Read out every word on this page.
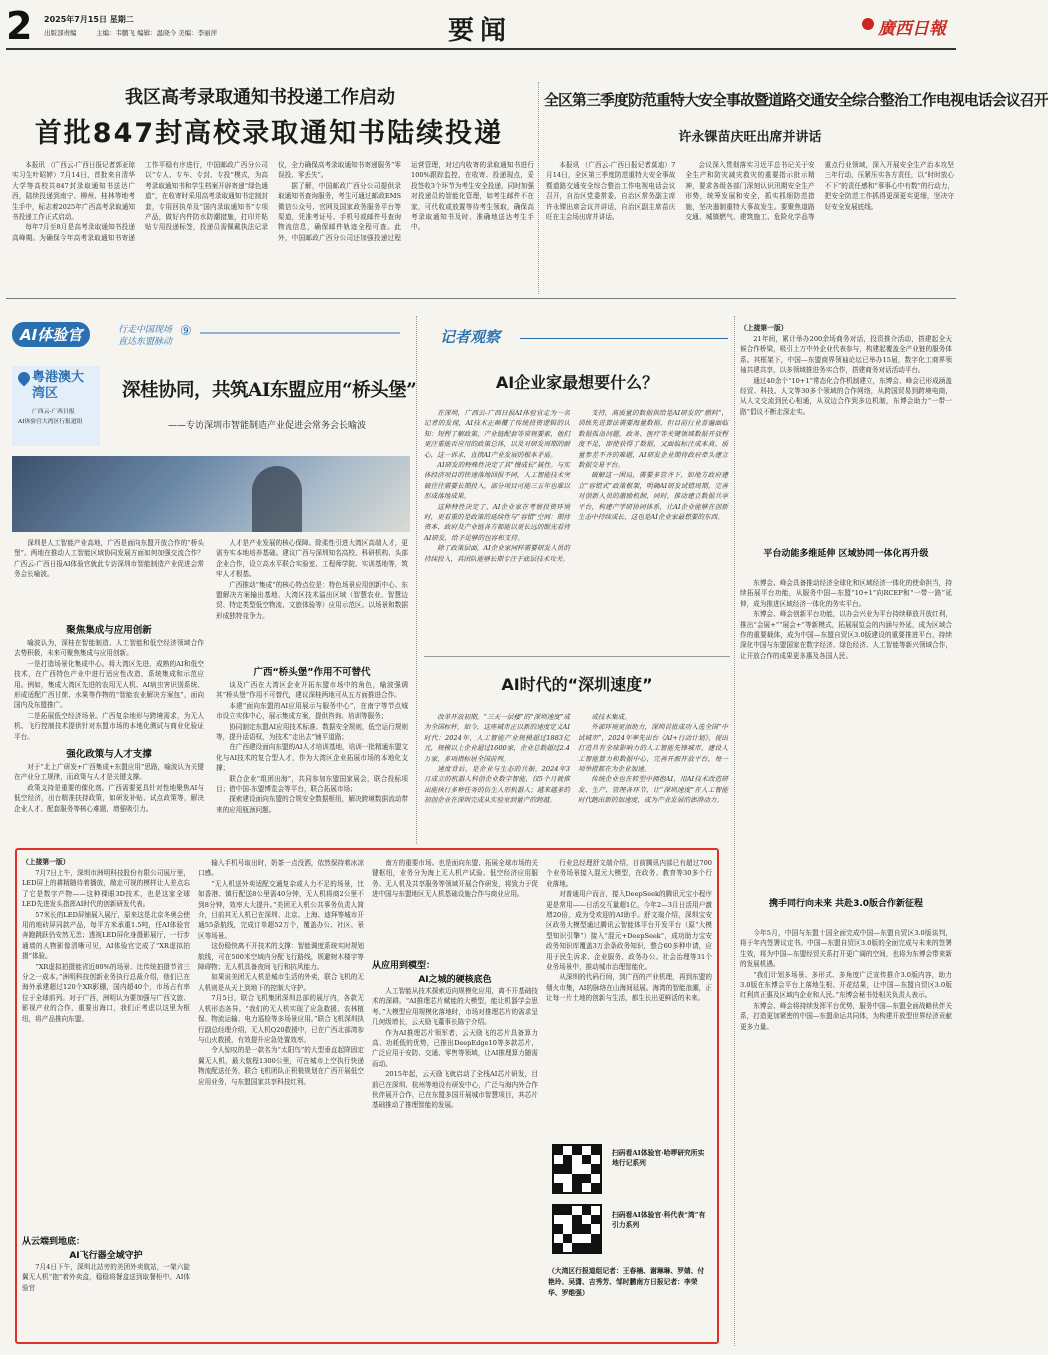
2 2025年7月15日 星期二
出版部责编	主编：韦鹏飞 编辑：温晓今 美编：李丽萍	要闻	廣西日報
我区高考录取通知书投递工作启动
首批847封高校录取通知书陆续投递

本报讯 （广西云-广西日报记者郭亚琼 实习生叶昭婷）7月14日，首批来自清华大学等高校共847封录取通知书送达广西，陆续投递到南宁、柳州、桂林等地考生手中，标志着2025年广西高考录取通知书投递工作正式启动。

每年7月至8月是高考录取通知书投递高峰期。为确保今年高考录取通知书寄递工作平稳有序进行，中国邮政广西分公司以“专人、专车、专封、专投”模式，为高考录取通知书和学生档案开辟寄递“绿色通道”，在收寄时采用高考录取通知书定制封套，专用回执单及“国内录取通知书”专项产品，做好内件防水防潮措施，打印并粘贴专用投递标签，投递员需佩戴执法记录仪，全力确保高考录取通知书寄递服务“零误投、零丢失”。

据了解，中国邮政广西分公司提供录取通知书查询服务，考生可通过邮政EMS微信公众号、官网及国家政务服务平台等渠道，凭准考证号、手机号或邮件号查询物流信息，确保邮件轨迹全程可查。此外，中国邮政广西分公司还加强投递过程运营管理，对过内收寄的录取通知书进行100%跟踪监控，在收寄、投递现点，妥投签收3个环节为考生安全投递，同时加强对投递员的智能化管理，如考生邮件不在家，可代收或放置等待考生领取，确保高考录取通知书及时、准确地送达考生手中。

全区第三季度防范重特大安全事故暨道路交通安全综合整治工作电视电话会议召开
许永锞苗庆旺出席并讲话

本报讯 （广西云-广西日报记者莫迪）7月14日，全区第三季度防范重特大安全事故暨道路交通安全综合整治工作电视电话会议召开，自治区党委常委、自治区常务副主席许永锞出席会议并讲话，自治区副主席苗庆旺在主会场出席并讲话。

会议深入贯彻落实习近平总书记关于安全生产和防灾减灾救灾的重要指示批示精神，要求各级各部门深刻认识汛期安全生产形势，统筹发展和安全，抓实抓细防范措施，坚决遏制重特大事故发生。要聚焦道路交通、城镇燃气、建筑施工、危险化学品等重点行业领域，深入开展安全生产治本攻坚三年行动，压紧压实各方责任，以“时时放心不下”的责任感和“事事心中有数”的行动力，把安全防范工作抓得更深更实更细，坚决守好安全发展底线。

AI体验官	行走中国现场
直达东盟脉动
⑨
粤港澳大湾区
广西云-广西日报
AI体验官大湾区行报道组
深桂协同，共筑AI东盟应用“桥头堡”
——专访深圳市智能制造产业促进会常务会长喻波

深圳是人工智能产业高地，广西是面向东盟开放合作的“桥头堡”。两地在推动人工智能区域协同发展方面如何加强交流合作？广西云-广西日报AI体验官就此专访深圳市智能制造产业促进会常务会长喻波。

聚焦集成与应用创新

喻波认为，深桂在智能制造、人工智能和低空经济领域合作去势积极，未来可聚焦集成与应用创新。

一是打造场景化集成中心。将大湾区先进、成熟的AI和低空技术，在广西特色产业中进行适应性改造，系统集成和示范应用。例如，集成大湾区先进的农用无人机、AI病虫害识别系统、形成适配广西甘蔗、水果等作物的“智能农业解决方案包”，面向国内及东盟推广。

二是拓展低空经济场景。广西复杂地形与跨境需求，为无人机、飞行控制技术提供针对东盟市场的本地化测试与商业化验证平台。

强化政策与人才支撑

对于“北上广研发+广西集成+东盟应用”思路，喻波认为关键在产业分工规律，而政策与人才是关键支撑。

政策支持是重要的催化剂。广西需要更具针对性地聚焦AI与低空经济，出台精准扶持政策，如研发补贴、试点政策等，解决企业人才、配套服务等核心难题，增强吸引力。

人才是产业发展的核心保障。除柔性引进大湾区高端人才，更需夯实本地培养基础。建议广西与深圳知名高校、科研机构、头部企业合作，设立高水平联合实验室、工程师学院、实训基地等，筑牢人才根基。

广西推动“集成”的核心特点位是：特色场景应用创新中心、东盟解决方案输出基地、大湾区技术溢出区域（智慧农业、智慧边贸、特定类型低空物流、文旅体验等）应用示范区。以场景和数据形成独特竞争力。

广西“桥头堡”作用不可替代

谈及广西在大湾区企业开拓东盟市场中的角色，喻波强调其“桥头堡”作用不可替代，建议深桂两地可从五方面推进合作。

本建“面向东盟的AI应用展示与服务中心”，在南宁等节点城市设立实体中心，展示集成方案，提供咨询、培训等服务；

协同制定东盟AI应用技术标准、数据安全规则，低空运行规则等，提升话语权，为技术“走出去”铺平道路；

在广西建设面向东盟的AI人才培训基地，培训一批精通东盟文化与AI技术的复合型人才，作为大湾区企业拓展市场的本地化支撑；

联合企业“组团出海”，共同参加东盟国家展会，联合投标项目；借中国-东盟博览会等平台，联合拓展市场；

探索建设面向东盟的合规安全数据枢纽，解决跨境数据流动带来的应用瓶颈问题。

记者观察
AI企业家最想要什么？

在深圳，广西云-广西日报AI体验官走为一名记者的发现，AI技术正颠覆了传统投资逻辑的认知：短程了解政策，产业链配套等常规要素，他们更注重能否应用的政策总体，以及对研发周期的耐心，这一诉求，直指AI产业发展的根本矛盾。

AI研发的特殊性决定了其“慢成长”属性。与实体经济项目的快速落地回报不同，人工智能技术突破往往需要长期投入，部分项目可能三五年也难以形成落地成果。

这种特性决定了，AI企业家在考察投资环境时，更看重的是政策的延续性与“容错”空间：期待资本、政府及产业链各方都能以更长远的眼光看待AI研发，给予足够的包容和支持。

除了政策层面，AI企业家同样需要研发人员的持续投入，其团队能够长期专注于底层技术攻关。

支持，高质量的数据供给是AI研发的“燃料”，训练先进算法需要海量数据，但目前行业普遍面临数据孤岛问题，政务、医疗等关键领域数据开放程度不足，即使获得了数据，又面临标注成本高、质量参差不齐的难题，AI研发企业期待政府牵头建立数据交易平台。

破解这一困局，需要多管齐下，如地方政府建立“容错式”政策框架，明确AI研发试错周期，完善对创新人员的激励机制，同时，推动建立数据共享平台，构建产学研协同体系，让AI企业能够在创新生态中持续成长，这也是AI企业家最想要的东西。

AI时代的“深圳速度”

改革开放初期，“三天一层楼”的“深圳速度”成为全国标杆，如今，这座城市正以新的速度定义AI时代：2024年，人工智能产业规模超过1883亿元，规模以上企业超过1600家，企业总数超过2.4万家，多项指标居全国前列。

速度背后，是企业与生态的共振。2024年3月成立的机器人科创企业数字智能，仅5个月就推出能执行多种任务的仿生人形机器人；越来越多的初创企业在深圳完成从实验室到量产的跨越。

成技术集成。

外部环境更添助力，深圳首批成功入选全国“中试城市”，2024年率先出台《AI+行动计划》，提出打造具有全球影响力的人工智能先锋城市。建设人工智能算力和数据中心，完善开源开放平台，每一项举措都在为企业加速。

传统企业也在转型中拥抱AI，用AI技术改造研发、生产、管理各环节，让“深圳速度”在人工智能时代跑出新的加速度，成为产业发展的澎湃动力。

（上接第一版）

21年间，累计举办200余场商务对话，投资推介活动，搭建起全天候合作桥梁，吸引上万中外企业代表参与，构建起覆盖全产业链的服务体系。其框架下，中国—东盟商界领袖论坛已举办15届，数字化工商界领袖共建共享，以多领域推进务实合作，搭建商务对话活动平台。

通过40余个“10+1”常态化合作机制建立，东博会、峰会已形成涵盖经贸、科技、人文等30多个领域的合作网络，从跨国贸易到跨境电商，从人文交流到民心相通，从双边合作到多边机制，东博会助力“一带一路”倡议不断走深走实。

平台动能多维延伸 区域协同一体化再升级

东博会、峰会具备推动经济全球化和区域经济一体化的使命担当，持续拓展平台功能，从服务中国—东盟“10+1”向RCEP和“一带一路”延伸，成为推进区域经济一体化的务实平台。

东博会、峰会创新平台功能，以办会兴业为平台持续释放开放红利，推出“会展+”“展会+”等新模式，拓展展览会的内涵与外延，成为区域合作的重要载体，成为中国—东盟自贸区3.0版建设的重要推进平台，持续深化中国与东盟国家在数字经济、绿色经济、人工智能等新兴领域合作，让开放合作的成果更多惠及各国人民。

携手同行向未来 共赴3.0版合作新征程

今年5月，中国与东盟十国全面完成中国—东盟自贸区3.0版谈判，将于年内签署议定书。中国—东盟自贸区3.0版的全面完成与未来的签署生效，将为中国—东盟经贸关系打开更广阔的空间，也将为东博会带来新的发展机遇。

“我们计划多场景、多形式、多角度广泛宣传推介3.0版内容，助力3.0版在东博会平台上落地生根、开花结果，让中国—东盟自贸区3.0版红利真正惠及区域内企业和人民。”东博会秘书处相关负责人表示。

东博会、峰会将持续发挥平台优势，服务中国—东盟全面战略伙伴关系，打造更加紧密的中国—东盟命运共同体，为构建开放型世界经济贡献更多力量。

（上接第一版）

7月7日上午，深圳市洲明科技股份有限公司展厅里，LED屏上的耕精随待着播放，敞走可视的模样让人差点忘了它是数字产物——这种裸眼3D技术，也是这家全球LED先进发头指挥AI时代的创新研发代表。

57米长的LED屏铺展入展厅，原来这是北京冬奥会使用的地砖屏同款产品，每平方米承重1.5吨，任AI体验官奔跑跳跃仍安然无恙；透视LED屏化身摄影展厅，一行步通墙的人物影像清晰可见，AI体验官完成了“XR虚拟拍摄”体验。

“XR虚拟拍摄能省近80%的场景、比传统拍摄节省三分之一成本。”洲明科技创新业务执行总裁介绍，他们已在海外承建超过120个XR影棚，国内超40个，市场占有率位于全球前列。对于广西，洲明认为要加强与广西文旅、影视产业的合作，重要出海口，我们正考虑以这里为枢纽，将产品推向东盟。

从云端到地底：
AI飞行器全域守护

7月4日下午，深圳北站旁的美团外卖航站，一架六旋翼无人机“抱”着外卖盒，稳稳将餐盒送到取餐柜中。AI体验官

输入手机号取出时，奶茶一点没洒，依然保持着冰凉口感。

“无人机送外卖适配交通复杂或人力不足的场景，比如香港、镇行配送8公里需40分钟，无人机将商2公里不到8分钟，效率大大提升。”美团无人机公共事务负责人简介，目前其无人机已在深圳、北京、上海、迪拜等城市开通55条航线，完成订单超52万个，覆盖办公、社区、景区等场景。

这份稳快离不开技术的支撑：智能调度系统实时规划航线，可在500米空域内分配飞行路线，规避树木楼宇等障碍物；无人机具备夜间飞行和抗风能力。

如果说美团无人机是城市生活的外卖，联合飞机的无人机则是从天上到地下的控制大守护。

7月5日，联合飞机集团深圳总部的展厅内，各款无人机形态各异。“我们的无人机实现了应急救援、农林植保、物流运输、电力巡检等多场景应用。”联合飞机深圳执行副总经理介绍，无人机Q20救援中，已在广西北部湾参与山火救援，有效提升应急处置效率。

令人惊叹的是一款名为“太阳鸟”的大型垂直起降固定翼无人机，最大航程1300公里，可在城市上空执行快递物流配送任务，联合飞机团队正积极规划在广西开展低空应用业务，与东盟国家共享科技红利。

南方的重要市场。也是面向东盟、拓展全球市场的关键枢纽，业务分为海上无人机产试验、低空经济应用服务、无人机及共享服务等领域开展合作研发，将致力于促进中国与东盟地区无人机基础设施合作与商业应用。

从应用到模型：
AI之城的硬核底色

人工智能从技术探索迈向规模化应用，离不开基础技术的深耕。“AI推理芯片赋能的大模型，能让机器学会思考。”大模型应用规模化落地时，市场对推理芯片的需求呈几何级增长，云天励飞董事长陈宁介绍。

作为AI推理芯片领军者，云天励飞的芯片具备算力高、功耗低的优势，已推出DeepEdge10等多款芯片，广泛应用于安防、交通、零售等领域，让AI推理算力随需而动。

2015年起，云天励飞就启动了全栈AI芯片研发，目前已在深圳、杭州等地设有研发中心，广泛与海内外合作伙伴展开合作，已在东盟多国开展城市智慧项目，其芯片基础推动了推理智能的发展。

行业总经理舒文端介绍，目前腾讯内部已有超过700个业务场景接入混元大模型，在政务、教育等30多个行业落地。

对普通用户而言，接入DeepSeek的腾讯元宝小程序更是常用——日活交互量超1亿，今年2—3月日活用户激增20倍，成为受欢迎的AI助手。舒文端介绍，深圳宝安区政务大模型通过腾讯云智能体平台开发平台（原“大模型知识引擎”）接入“混元+DeepSeek”，成功助力宝安政务知识库覆盖3万余条政务知识，整合60多种申请，应用于民生诉求、企业服务、政务办公、社会治理等31个业务场景中，推动城市治理智能化。

从深圳的代码行间，到广西的产业机理，再到东盟的烟火市集，AI的脉络在山海间延展。海湾的智能浪潮，正让每一片土地的创新与生活，都生长出更鲜活的未来。

扫码看AI体验官·哈啰研究所实地行记系列
扫码看AI体验官·科代表“湾”有引力系列
（大湾区行报道组记者：王春楠、谢琳琳、罗婧、付艳玲、吴潇、吉秀芳、邹时鹏南方日报记者：李荣华、罗维强）
